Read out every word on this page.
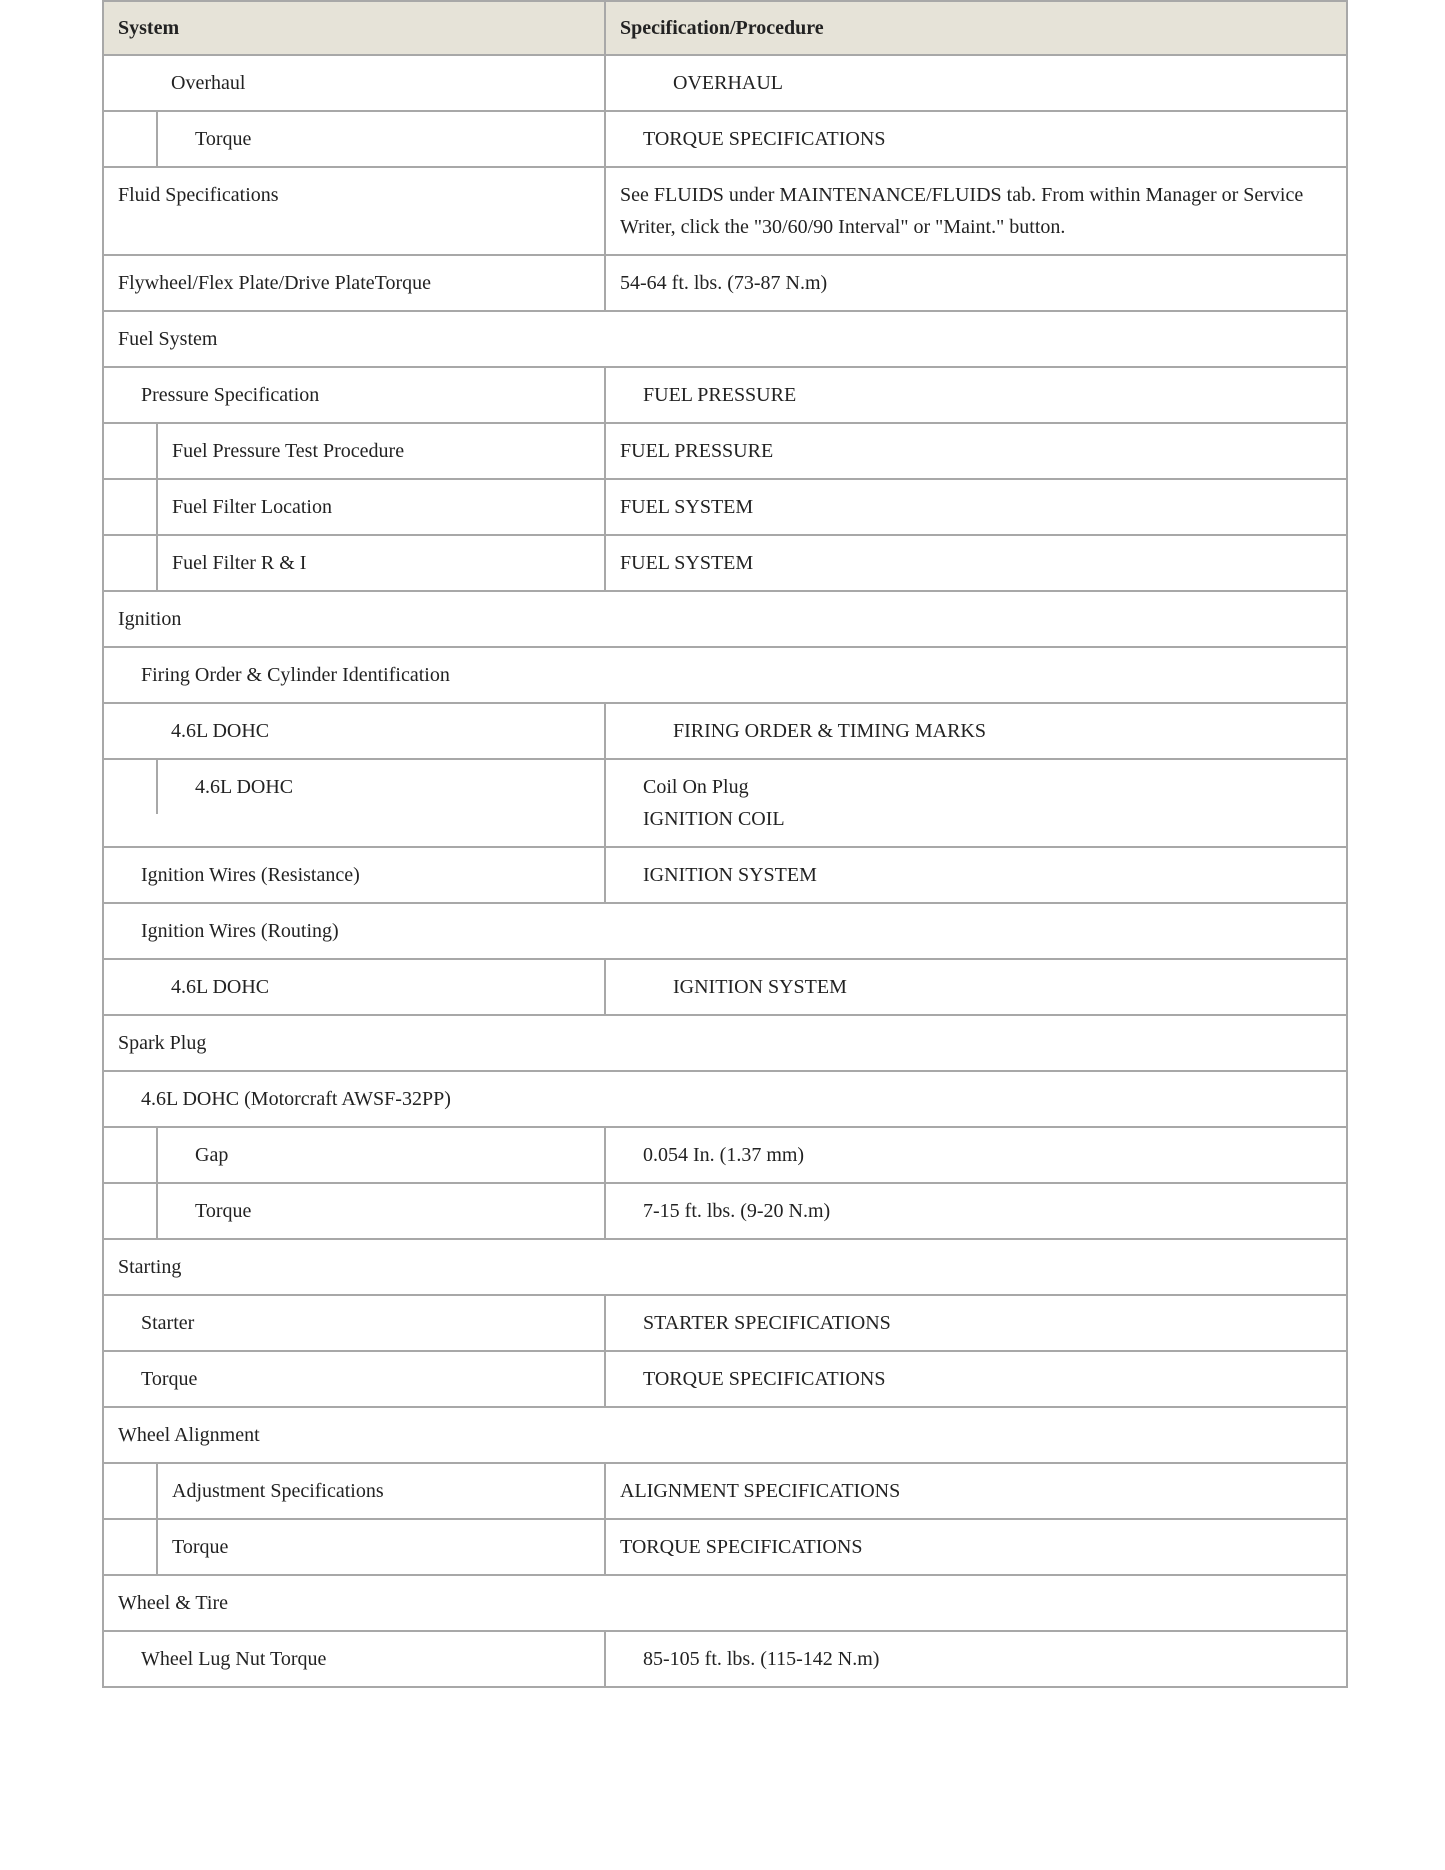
System	Specification/Procedure
Overhaul	OVERHAUL

Torque	TORQUE SPECIFICATIONS
Fluid Specifications	See FLUIDS under MAINTENANCE/FLUIDS tab. From within Manager or Service Writer, click the "30/60/90 Interval" or "Maint." button.
Flywheel/Flex Plate/Drive PlateTorque	54-64 ft. lbs. (73-87 N.m)
Fuel System	
Pressure Specification	FUEL PRESSURE

Fuel Pressure Test Procedure	FUEL PRESSURE

Fuel Filter Location	FUEL SYSTEM

Fuel Filter R & I	FUEL SYSTEM
Ignition	
Firing Order & Cylinder Identification	
4.6L DOHC	FIRING ORDER & TIMING MARKS

4.6L DOHC	Coil On Plug
IGNITION COIL

Ignition Wires (Resistance)	IGNITION SYSTEM
Ignition Wires (Routing)	
4.6L DOHC	IGNITION SYSTEM
Spark Plug	
4.6L DOHC (Motorcraft AWSF-32PP)	

Gap	0.054 In. (1.37 mm)

Torque	7-15 ft. lbs. (9-20 N.m)
Starting	
Starter	STARTER SPECIFICATIONS
Torque	TORQUE SPECIFICATIONS
Wheel Alignment	

Adjustment Specifications	ALIGNMENT SPECIFICATIONS

Torque	TORQUE SPECIFICATIONS
Wheel & Tire	
Wheel Lug Nut Torque	85-105 ft. lbs. (115-142 N.m)
